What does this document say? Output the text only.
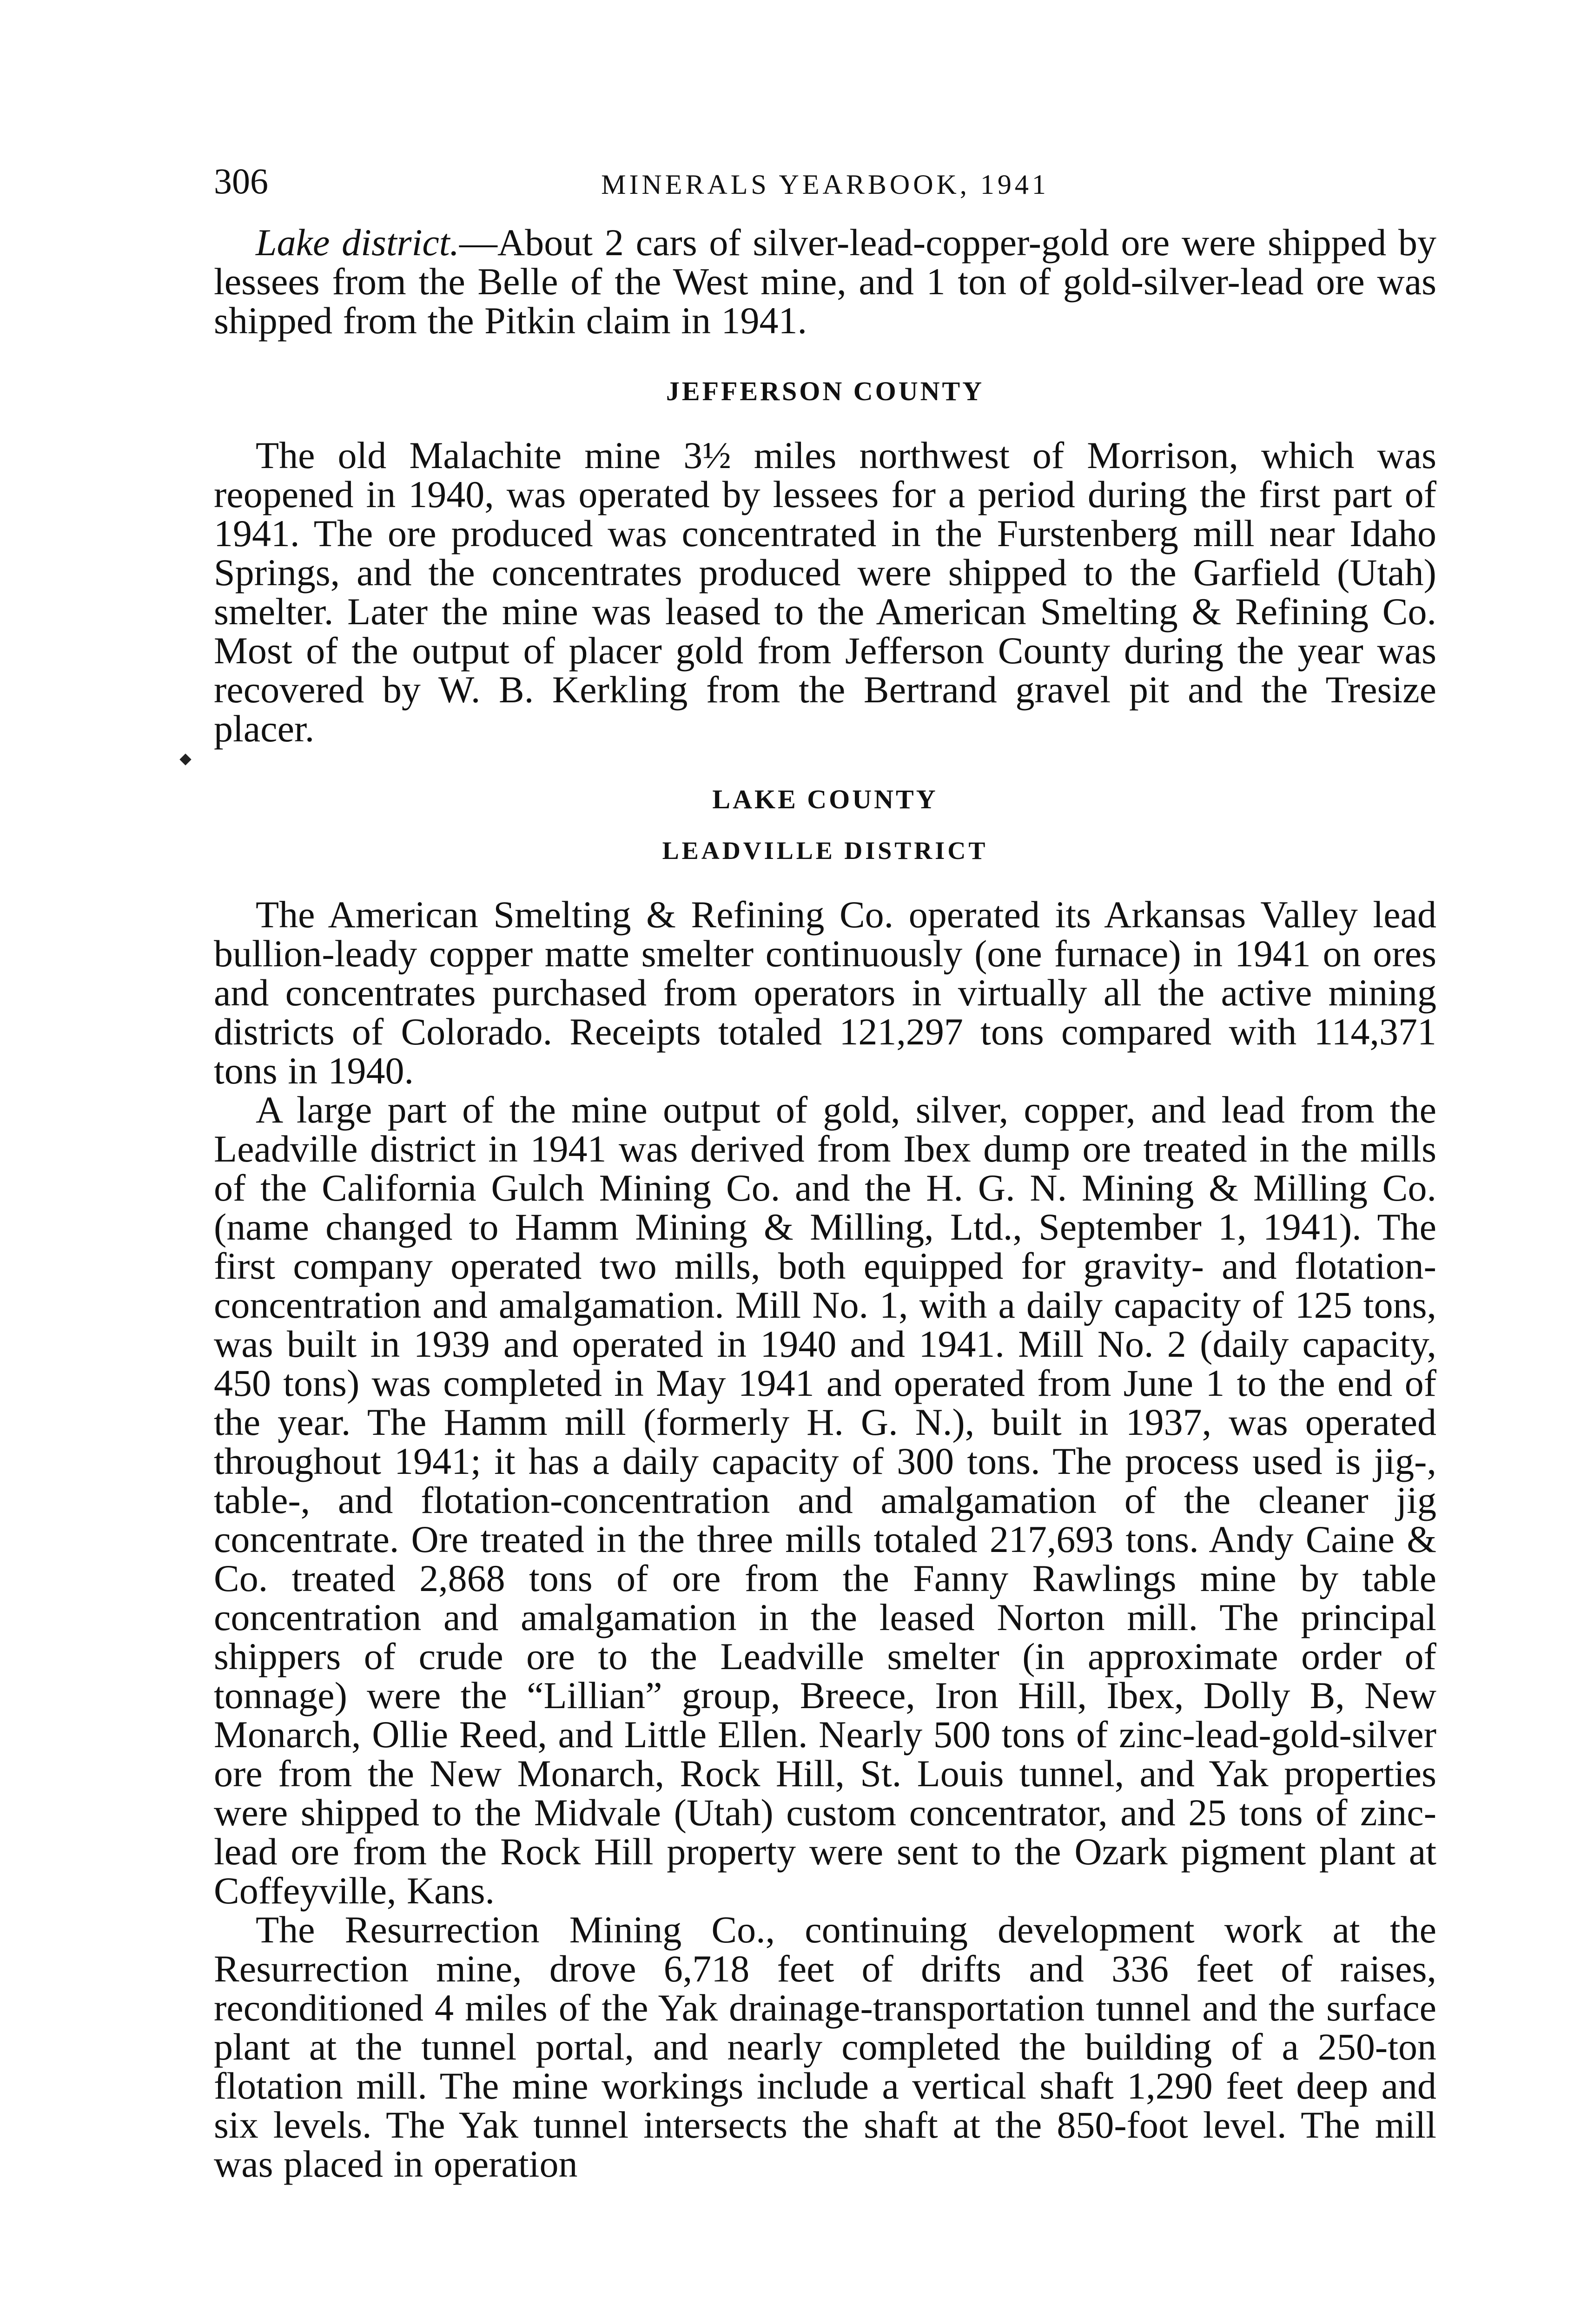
306	MINERALS YEARBOOK, 1941

Lake district.—About 2 cars of silver-lead-copper-gold ore were shipped by lessees from the Belle of the West mine, and 1 ton of gold-silver-lead ore was shipped from the Pitkin claim in 1941.

JEFFERSON COUNTY

The old Malachite mine 3½ miles northwest of Morrison, which was reopened in 1940, was operated by lessees for a period during the first part of 1941. The ore produced was concentrated in the Furstenberg mill near Idaho Springs, and the concentrates produced were shipped to the Garfield (Utah) smelter. Later the mine was leased to the American Smelting & Refining Co. Most of the output of placer gold from Jefferson County during the year was recovered by W. B. Kerkling from the Bertrand gravel pit and the Tresize placer.

LAKE COUNTY
LEADVILLE DISTRICT

The American Smelting & Refining Co. operated its Arkansas Valley lead bullion-leady copper matte smelter continuously (one furnace) in 1941 on ores and concentrates purchased from operators in virtually all the active mining districts of Colorado. Receipts totaled 121,297 tons compared with 114,371 tons in 1940.

A large part of the mine output of gold, silver, copper, and lead from the Leadville district in 1941 was derived from Ibex dump ore treated in the mills of the California Gulch Mining Co. and the H. G. N. Mining & Milling Co. (name changed to Hamm Mining & Milling, Ltd., September 1, 1941). The first company operated two mills, both equipped for gravity- and flotation-concentration and amalgamation. Mill No. 1, with a daily capacity of 125 tons, was built in 1939 and operated in 1940 and 1941. Mill No. 2 (daily capacity, 450 tons) was completed in May 1941 and operated from June 1 to the end of the year. The Hamm mill (formerly H. G. N.), built in 1937, was operated throughout 1941; it has a daily capacity of 300 tons. The process used is jig-, table-, and flotation-concentration and amalgamation of the cleaner jig concentrate. Ore treated in the three mills totaled 217,693 tons. Andy Caine & Co. treated 2,868 tons of ore from the Fanny Rawlings mine by table concentration and amalgamation in the leased Norton mill. The principal shippers of crude ore to the Leadville smelter (in approximate order of tonnage) were the “Lillian” group, Breece, Iron Hill, Ibex, Dolly B, New Monarch, Ollie Reed, and Little Ellen. Nearly 500 tons of zinc-lead-gold-silver ore from the New Monarch, Rock Hill, St. Louis tunnel, and Yak properties were shipped to the Midvale (Utah) custom concentrator, and 25 tons of zinc-lead ore from the Rock Hill property were sent to the Ozark pigment plant at Coffeyville, Kans.

The Resurrection Mining Co., continuing development work at the Resurrection mine, drove 6,718 feet of drifts and 336 feet of raises, reconditioned 4 miles of the Yak drainage-transportation tunnel and the surface plant at the tunnel portal, and nearly completed the building of a 250-ton flotation mill. The mine workings include a vertical shaft 1,290 feet deep and six levels. The Yak tunnel intersects the shaft at the 850-foot level. The mill was placed in operation
